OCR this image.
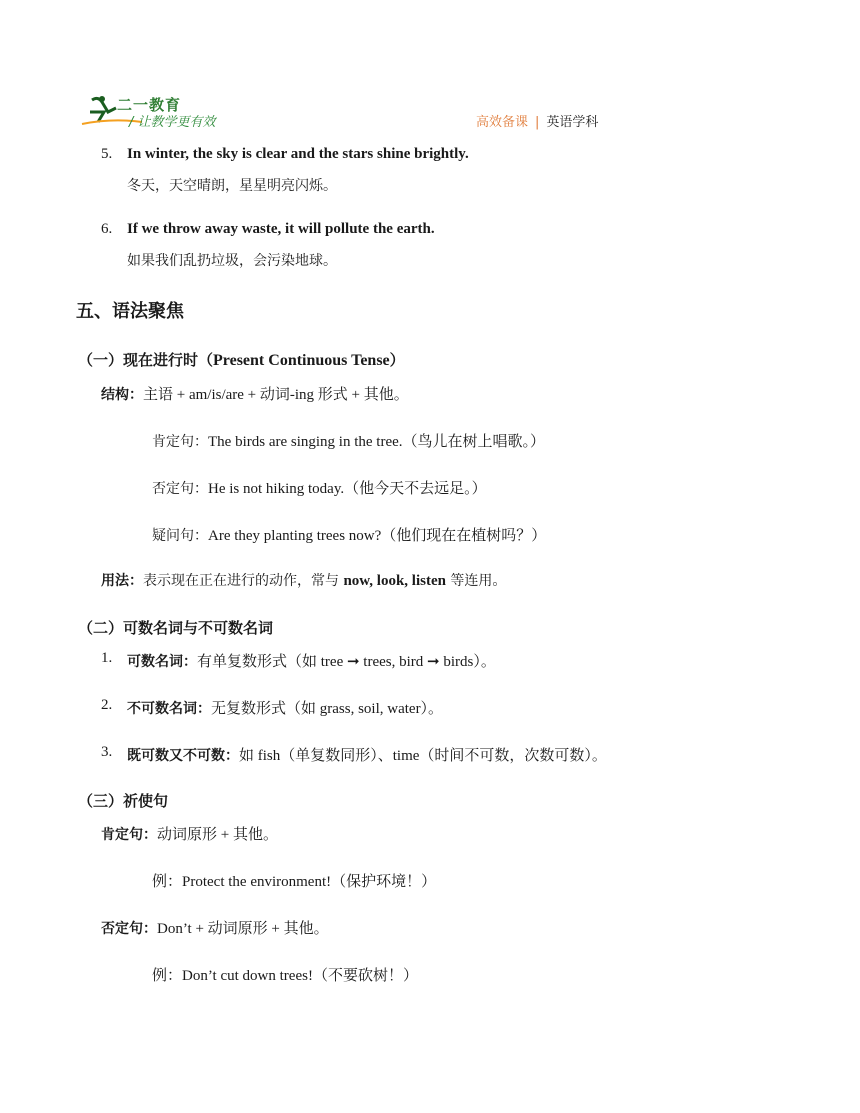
二一教育
/ 让教学更有效	高效备课 | 英语学科
5. In winter, the sky is clear and the stars shine brightly.
冬天，天空晴朗，星星明亮闪烁。
6. If we throw away waste, it will pollute the earth.
如果我们乱扔垃圾，会污染地球。
五、语法聚焦
（一）现在进行时（Present Continuous Tense）
结构：主语 + am/is/are + 动词-ing 形式 + 其他。
肯定句：The birds are singing in the tree.（鸟儿在树上唱歌。）
否定句：He is not hiking today.（他今天不去远足。）
疑问句：Are they planting trees now?（他们现在在植树吗？）
用法：表示现在正在进行的动作，常与 now, look, listen 等连用。
（二）可数名词与不可数名词
1. 可数名词：有单复数形式（如 tree ➞ trees, bird ➞ birds）。
2. 不可数名词：无复数形式（如 grass, soil, water）。
3. 既可数又不可数：如 fish（单复数同形）、time（时间不可数，次数可数）。
（三）祈使句
肯定句：动词原形 + 其他。
例：Protect the environment!（保护环境！）
否定句：Don’t + 动词原形 + 其他。
例：Don’t cut down trees!（不要砍树！）
